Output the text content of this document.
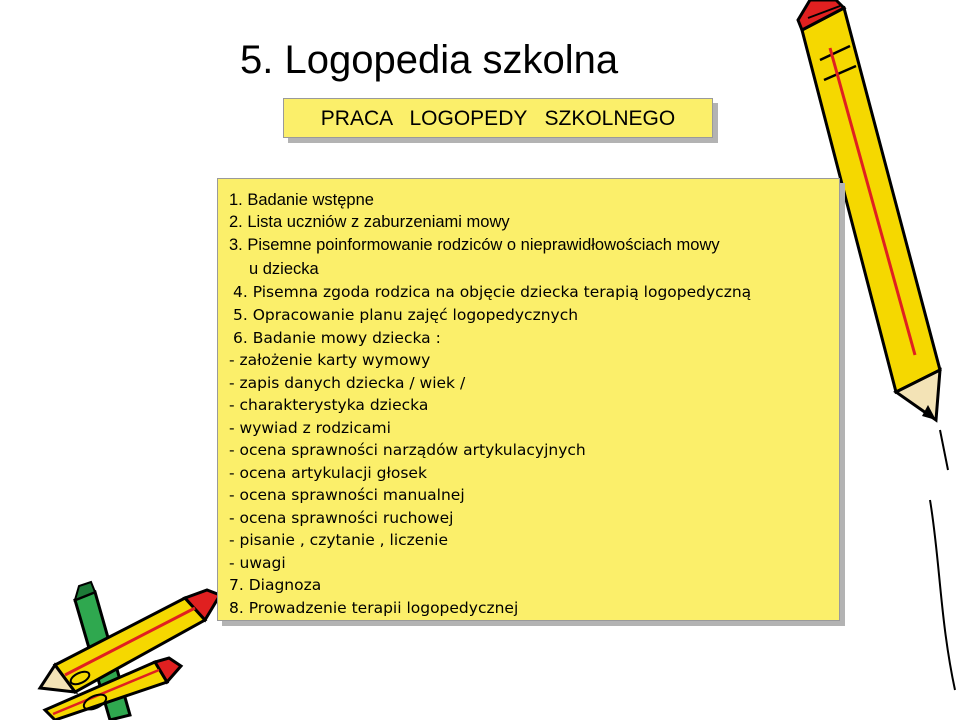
5. Logopedia szkolna
PRACA   LOGOPEDY   SZKOLNEGO
1. Badanie wstępne
2. Lista uczniów z zaburzeniami mowy
3. Pisemne poinformowanie rodziców o nieprawidłowościach mowy
u dziecka
4. Pisemna zgoda rodzica na objęcie dziecka terapią logopedyczną
5. Opracowanie planu zajęć logopedycznych
6. Badanie mowy dziecka :
- założenie karty wymowy
- zapis danych dziecka / wiek /
- charakterystyka dziecka
- wywiad z rodzicami
- ocena sprawności narządów artykulacyjnych
- ocena artykulacji głosek
- ocena sprawności manualnej
- ocena sprawności ruchowej
- pisanie , czytanie , liczenie
- uwagi
7. Diagnoza
8. Prowadzenie terapii logopedycznej
